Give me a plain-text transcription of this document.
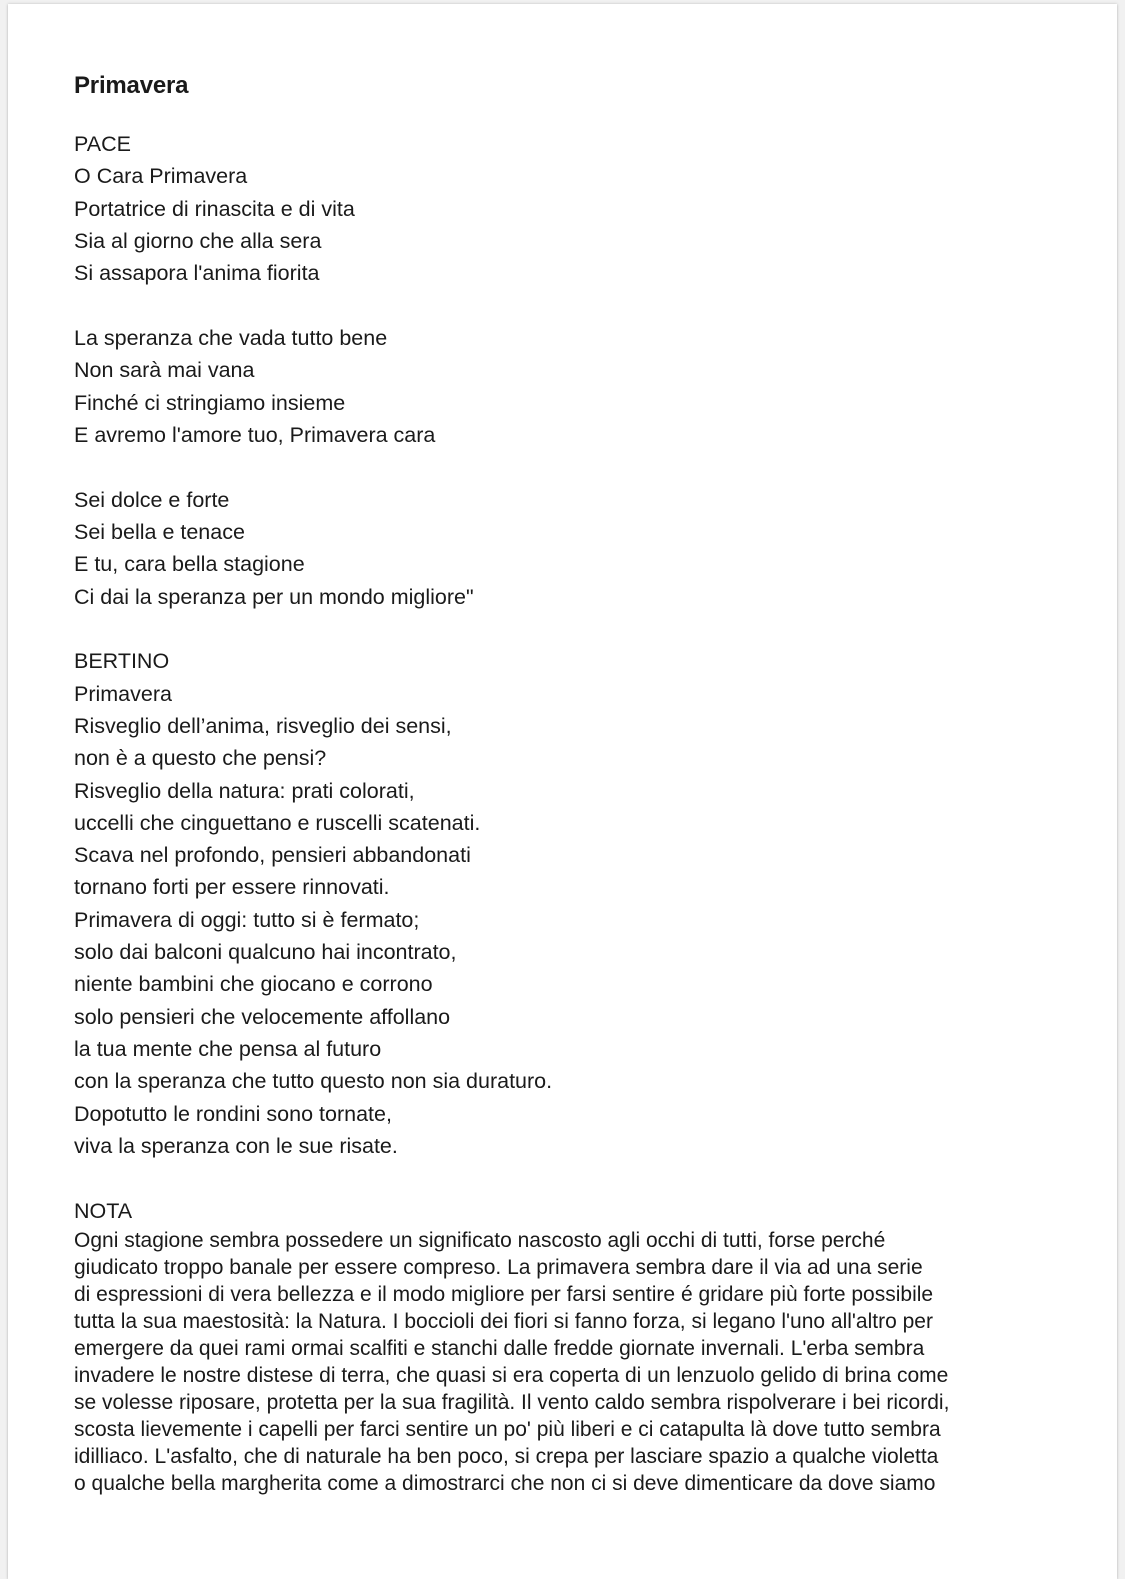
Primavera
PACE
O Cara Primavera
Portatrice di rinascita e di vita
Sia al giorno che alla sera
Si assapora l'anima fiorita
La speranza che vada tutto bene
Non sarà mai vana
Finché ci stringiamo insieme
E avremo l'amore tuo, Primavera cara
Sei dolce e forte
Sei bella e tenace
E tu, cara bella stagione
Ci dai la speranza per un mondo migliore"
BERTINO
Primavera
Risveglio dell’anima, risveglio dei sensi,
non è a questo che pensi?
Risveglio della natura: prati colorati,
uccelli che cinguettano e ruscelli scatenati.
Scava nel profondo, pensieri abbandonati
tornano forti per essere rinnovati.
Primavera di oggi: tutto si è fermato;
solo dai balconi qualcuno hai incontrato,
niente bambini che giocano e corrono
solo pensieri che velocemente affollano
la tua mente che pensa al futuro
con la speranza che tutto questo non sia duraturo.
Dopotutto le rondini sono tornate,
viva la speranza con le sue risate.
NOTA
Ogni stagione sembra possedere un significato nascosto agli occhi di tutti, forse perché
giudicato troppo banale per essere compreso. La primavera sembra dare il via ad una serie
di espressioni di vera bellezza e il modo migliore per farsi sentire é gridare più forte possibile
tutta la sua maestosità: la Natura. I boccioli dei fiori si fanno forza, si legano l'uno all'altro per
emergere da quei rami ormai scalfiti e stanchi dalle fredde giornate invernali. L'erba sembra
invadere le nostre distese di terra, che quasi si era coperta di un lenzuolo gelido di brina come
se volesse riposare, protetta per la sua fragilità. Il vento caldo sembra rispolverare i bei ricordi,
scosta lievemente i capelli per farci sentire un po' più liberi e ci catapulta là dove tutto sembra
idilliaco. L'asfalto, che di naturale ha ben poco, si crepa per lasciare spazio a qualche violetta
o qualche bella margherita come a dimostrarci che non ci si deve dimenticare da dove siamo
